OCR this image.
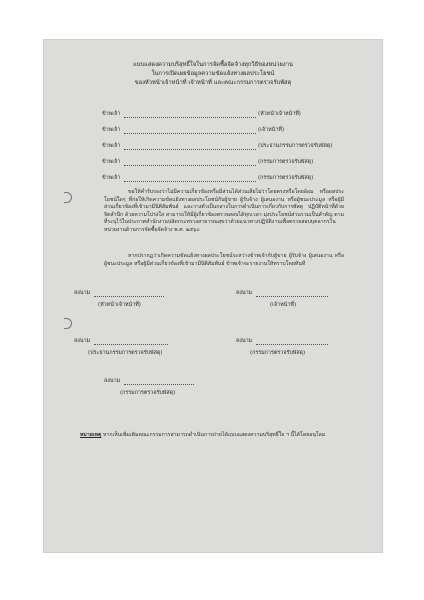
แบบแสดงความบริสุทธิ์ใจในการจัดซื้อจัดจ้างทุกวิธีของหน่วยงาน
ในการเปิดเผยข้อมูลความขัดแย้งทางผลประโยชน์
ของหัวหน้าเจ้าหน้าที่ เจ้าหน้าที่ และคณะกรรมการตรวจรับพัสดุ
ข้าพเจ้า	(หัวหน้าเจ้าหน้าที่)
ข้าพเจ้า	(เจ้าหน้าที่)
ข้าพเจ้า	(ประธานกรรมการตรวจรับพัสดุ)
ข้าพเจ้า	(กรรมการตรวจรับพัสดุ)
ข้าพเจ้า	(กรรมการตรวจรับพัสดุ)
ขอให้คำรับรองว่าไม่มีความเกี่ยวข้องหรือมีส่วนได้ส่วนเสียไม่ว่าโดยตรงหรือโดยอ้อม หรือผลประโยชน์ใดๆ ที่ก่อให้เกิดความขัดแย้งทางผลประโยชน์กับผู้ขาย ผู้รับจ้าง ผู้เสนองาน หรือผู้ชนะประมูล หรือผู้มีส่วนเกี่ยวข้องที่เข้ามามีนิติสัมพันธ์ และวางตัวเป็นกลางในการดำเนินการเกี่ยวกับการพัสดุ ปฏิบัติหน้าที่ด้วยจิตสำนึก ด้วยความโปร่งใส สามารถให้มีผู้เกี่ยวข้องตรวจสอบได้ทุกเวลา มุ่งประโยชน์ส่วนรวมเป็นสำคัญ ตามที่ระบุไว้ในประกาศสำนักงานปลัดกระทรวงสาธารณสุขว่าด้วยแนวทางปฏิบัติงานเพื่อตรวจสอบบุคลากรในหน่วยงานด้านการจัดซื้อจัดจ้าง พ.ศ. ๒๕๖๐
หากปรากฏว่าเกิดความขัดแย้งทางผลประโยชน์ระหว่างข้าพเจ้ากับผู้ขาย ผู้รับจ้าง ผู้เสนองาน หรือผู้ชนะประมูล หรือผู้มีส่วนเกี่ยวข้องที่เข้ามามีนิติสัมพันธ์ ข้าพเจ้าจะรายงานให้ทราบโดยทันที
ลงนาม
(หัวหน้าเจ้าหน้าที่)
ลงนาม
(เจ้าหน้าที่)
ลงนาม
(ประธานกรรมการตรวจรับพัสดุ)
ลงนาม
(กรรมการตรวจรับพัสดุ)
ลงนาม
(กรรมการตรวจรับพัสดุ)
หมายเหตุ หากเห็นเพิ่มเติมคณะกรรมการสามารถดำเนินการถ่ายได้แบบแสดงความบริสุทธิ์ใจ ฯ นี้ได้โดยอนุโลม
